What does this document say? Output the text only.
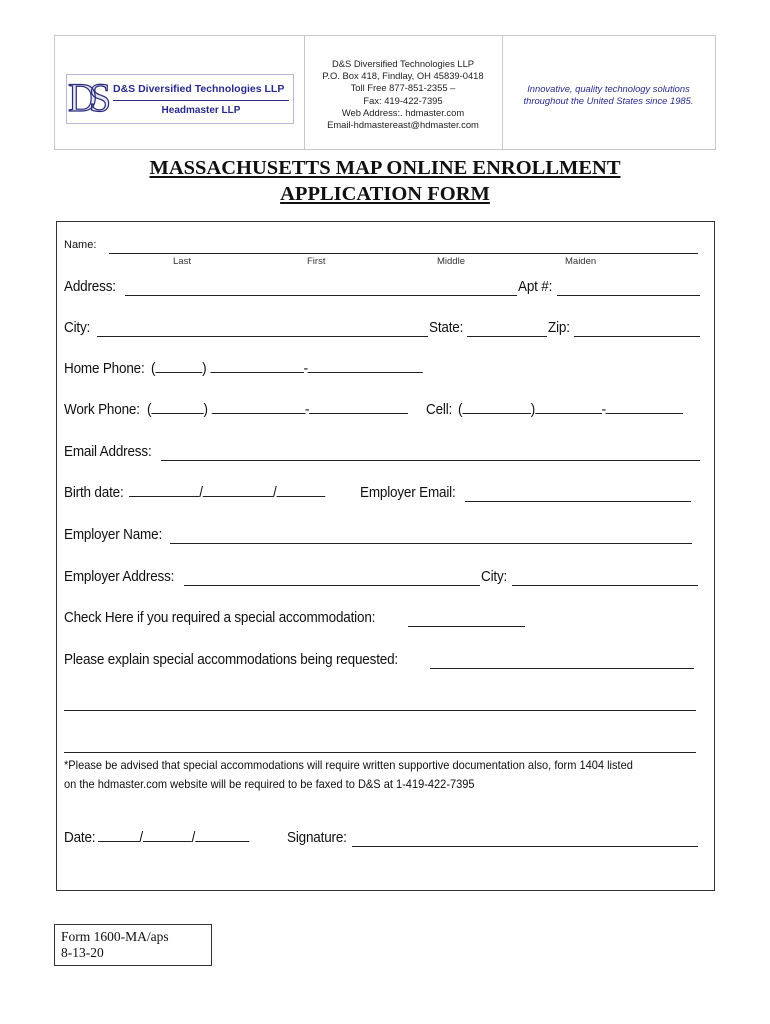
DS D&S Diversified Technologies LLP
Headmaster LLP
D&S Diversified Technologies LLP
P.O. Box 418, Findlay, OH 45839-0418
Toll Free 877-851-2355 –
Fax: 419-422-7395
Web Address:. hdmaster.com
Email-hdmastereast@hdmaster.com
Innovative, quality technology solutions
throughout the United States since 1985.
MASSACHUSETTS MAP ONLINE ENROLLMENT
APPLICATION FORM
Name:
Last	First	Middle	Maiden
Address:	Apt #:
City:	State:	Zip:
Home Phone: (	)	-
Work Phone: (	)	-	Cell: (	)	-
Email Address:
Birth date:	/	/	Employer Email:
Employer Name:
Employer Address:	City:
Check Here if you required a special accommodation:
Please explain special accommodations being requested:
*Please be advised that special accommodations will require written supportive documentation also, form 1404 listed
on the hdmaster.com website will be required to be faxed to D&S at 1-419-422-7395
Date:	/	/	Signature:
Form 1600-MA/aps
8-13-20
